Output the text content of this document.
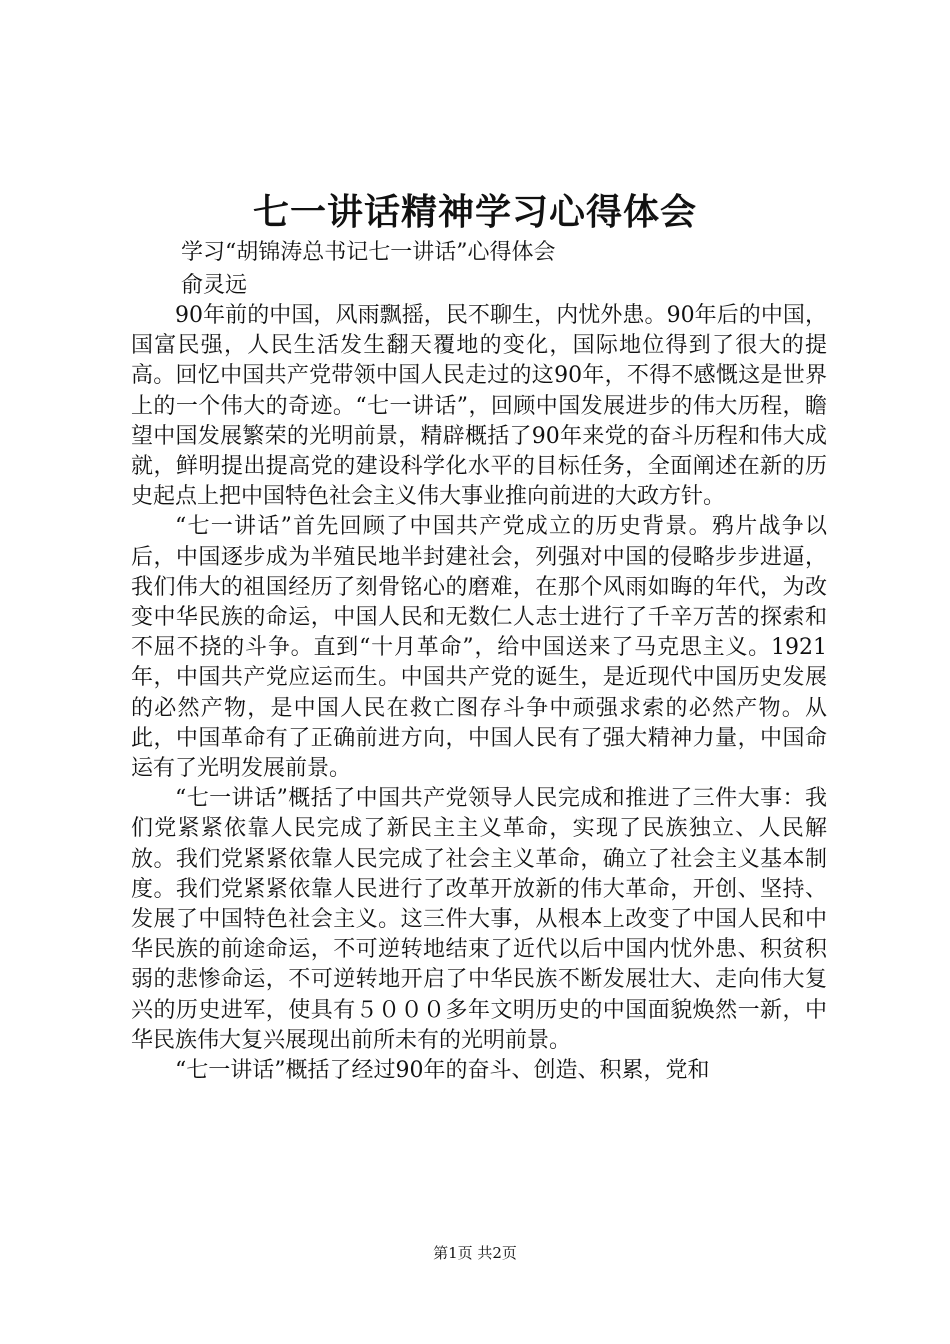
七一讲话精神学习心得体会
学习“胡锦涛总书记七一讲话”心得体会
俞灵远

90年前的中国，风雨飘摇，民不聊生，内忧外患。90年后的中国，国富民强，人民生活发生翻天覆地的变化，国际地位得到了很大的提高。回忆中国共产党带领中国人民走过的这90年，不得不感慨这是世界上的一个伟大的奇迹。“七一讲话”，回顾中国发展进步的伟大历程，瞻望中国发展繁荣的光明前景，精辟概括了90年来党的奋斗历程和伟大成就，鲜明提出提高党的建设科学化水平的目标任务，全面阐述在新的历史起点上把中国特色社会主义伟大事业推向前进的大政方针。

“七一讲话”首先回顾了中国共产党成立的历史背景。鸦片战争以后，中国逐步成为半殖民地半封建社会，列强对中国的侵略步步进逼，我们伟大的祖国经历了刻骨铭心的磨难，在那个风雨如晦的年代，为改变中华民族的命运，中国人民和无数仁人志士进行了千辛万苦的探索和不屈不挠的斗争。直到“十月革命”，给中国送来了马克思主义。1921年，中国共产党应运而生。中国共产党的诞生，是近现代中国历史发展的必然产物，是中国人民在救亡图存斗争中顽强求索的必然产物。从此，中国革命有了正确前进方向，中国人民有了强大精神力量，中国命运有了光明发展前景。

“七一讲话”概括了中国共产党领导人民完成和推进了三件大事：我们党紧紧依靠人民完成了新民主主义革命，实现了民族独立、人民解放。我们党紧紧依靠人民完成了社会主义革命，确立了社会主义基本制度。我们党紧紧依靠人民进行了改革开放新的伟大革命，开创、坚持、发展了中国特色社会主义。这三件大事，从根本上改变了中国人民和中华民族的前途命运，不可逆转地结束了近代以后中国内忧外患、积贫积弱的悲惨命运，不可逆转地开启了中华民族不断发展壮大、走向伟大复兴的历史进军，使具有５０００多年文明历史的中国面貌焕然一新，中华民族伟大复兴展现出前所未有的光明前景。

“七一讲话”概括了经过90年的奋斗、创造、积累，党和

第1页 共2页
